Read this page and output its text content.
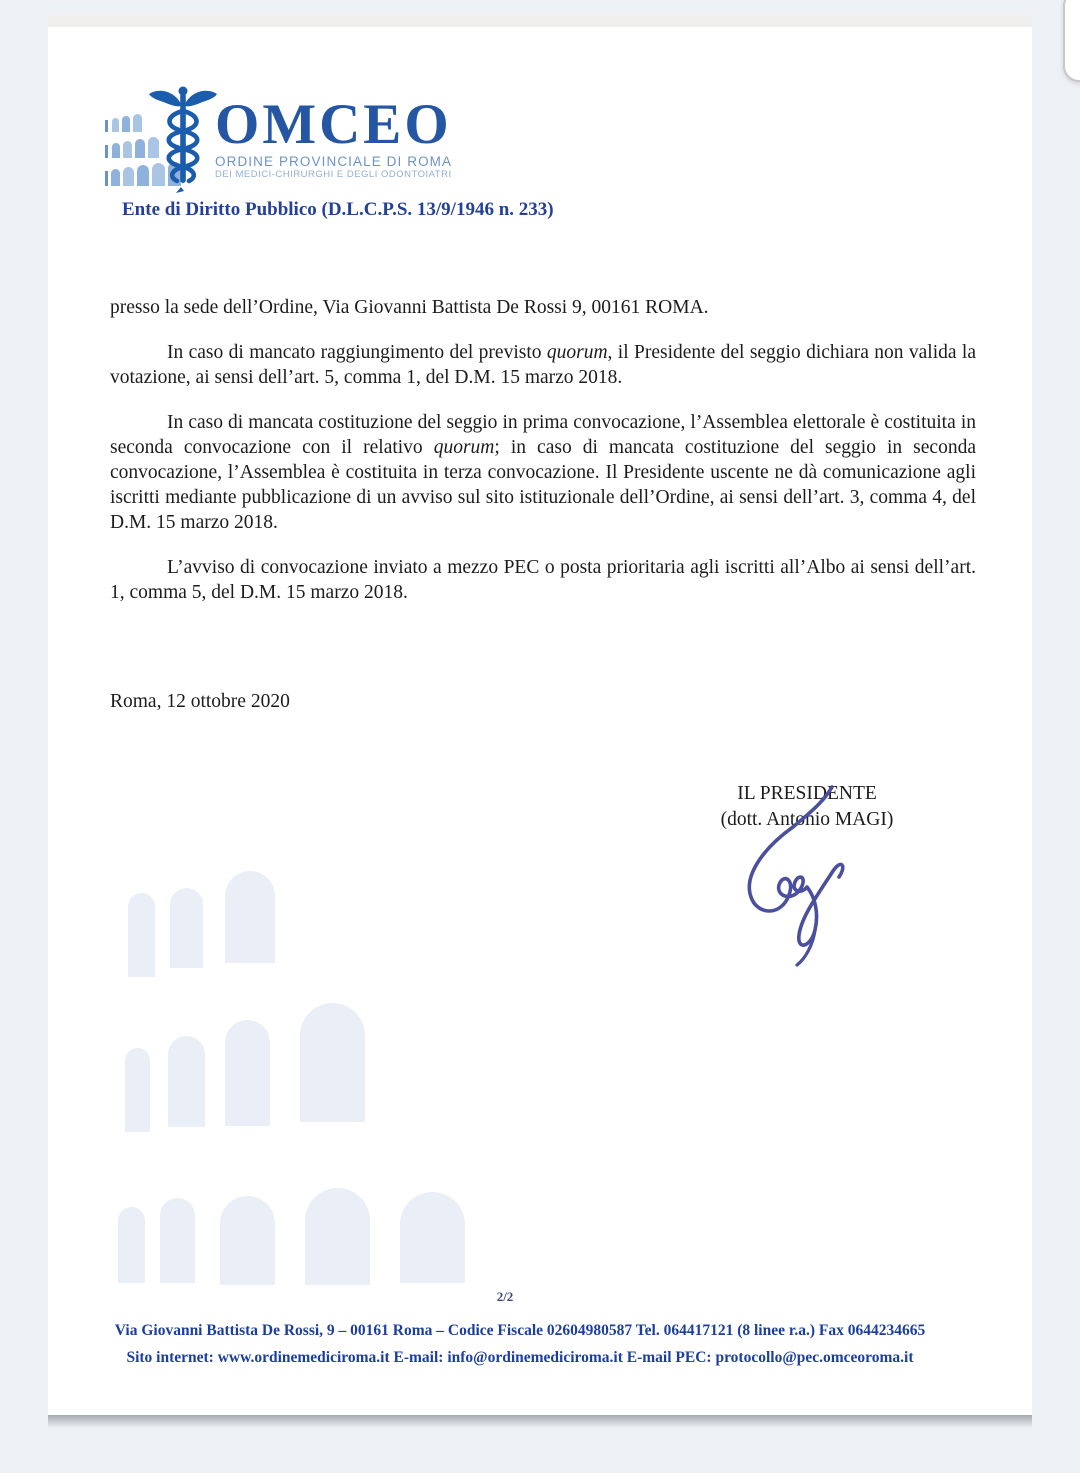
OMCEO
ORDINE PROVINCIALE DI ROMA
DEI MEDICI-CHIRURGHI E DEGLI ODONTOIATRI
Ente di Diritto Pubblico (D.L.C.P.S. 13/9/1946 n. 233)

presso la sede dell’Ordine, Via Giovanni Battista De Rossi 9, 00161 ROMA.

In caso di mancato raggiungimento del previsto quorum, il Presidente del seggio dichiara non valida la votazione, ai sensi dell’art. 5, comma 1, del D.M. 15 marzo 2018.

In caso di mancata costituzione del seggio in prima convocazione, l’Assemblea elettorale è costituita in seconda convocazione con il relativo quorum; in caso di mancata costituzione del seggio in seconda convocazione, l’Assemblea è costituita in terza convocazione. Il Presidente uscente ne dà comunicazione agli iscritti mediante pubblicazione di un avviso sul sito istituzionale dell’Ordine, ai sensi dell’art. 3, comma 4, del D.M. 15 marzo 2018.

L’avviso di convocazione inviato a mezzo PEC o posta prioritaria agli iscritti all’Albo ai sensi dell’art. 1, comma 5, del D.M. 15 marzo 2018.

Roma, 12 ottobre 2020
IL PRESIDENTE
(dott. Antonio MAGI)
2/2
Via Giovanni Battista De Rossi, 9 – 00161 Roma – Codice Fiscale 02604980587 Tel. 064417121 (8 linee r.a.) Fax 0644234665
Sito internet: www.ordinemediciroma.it E-mail: info@ordinemediciroma.it E-mail PEC: protocollo@pec.omceoroma.it
